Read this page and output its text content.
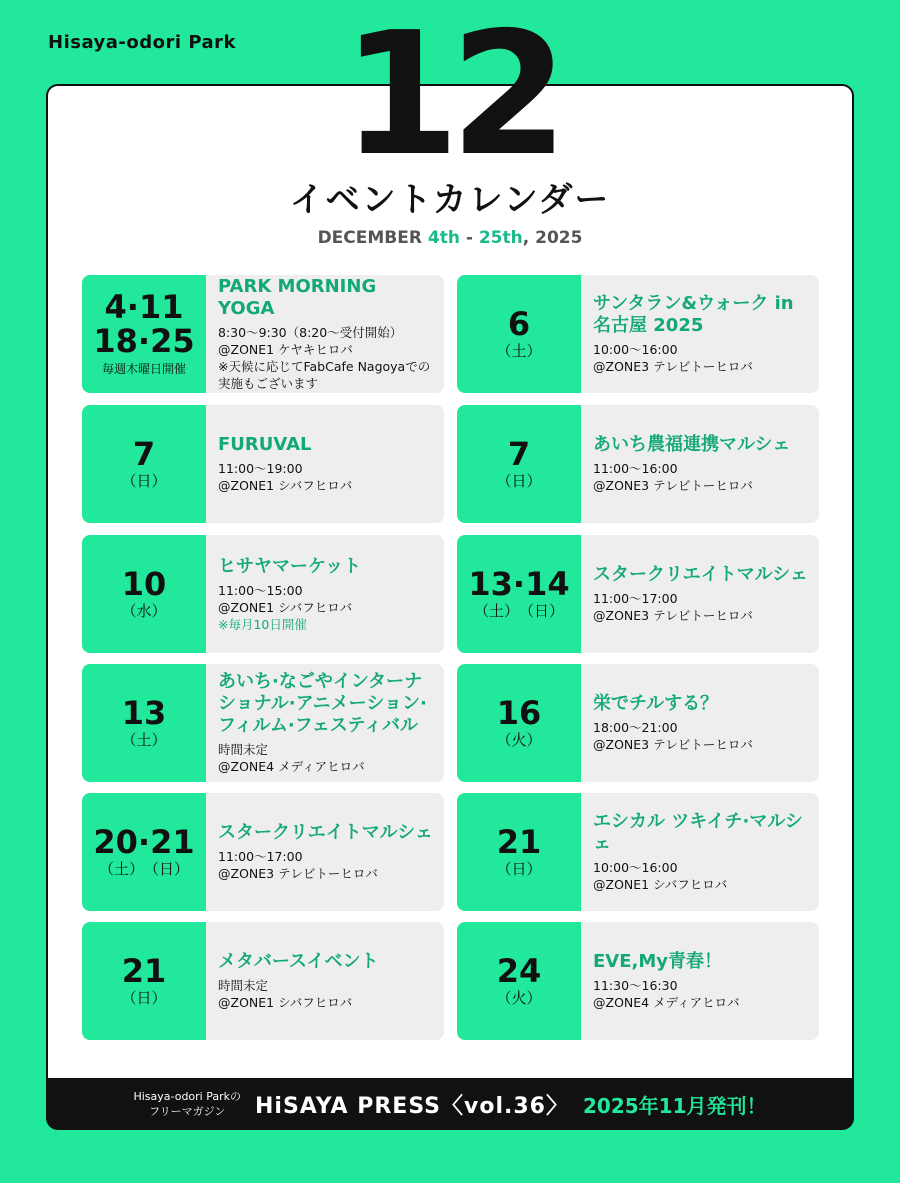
Hisaya-odori Park 12
イベントカレンダー
DECEMBER 4th - 25th, 2025
4·11
18·25
毎週木曜日開催
PARK MORNING YOGA
8:30〜9:30（8:20〜受付開始）
@ZONE1 ケヤキヒロバ
※天候に応じてFabCafe Nagoyaでの
実施もございます
6
（土）
サンタラン&ウォーク in 名古屋 2025
10:00〜16:00
@ZONE3 テレビトーヒロバ
7
（日）
FURUVAL
11:00〜19:00
@ZONE1 シバフヒロバ
7
（日）
あいち農福連携マルシェ
11:00〜16:00
@ZONE3 テレビトーヒロバ
10
（水）
ヒサヤマーケット
11:00〜15:00
@ZONE1 シバフヒロバ
※毎月10日開催
13·14
（土）　（日）
スタークリエイトマルシェ
11:00〜17:00
@ZONE3 テレビトーヒロバ
13
（土）
あいち·なごやインターナショナル·アニメーション·フィルム·フェスティバル
時間未定
@ZONE4 メディアヒロバ
16
（火）
栄でチルする？
18:00〜21:00
@ZONE3 テレビトーヒロバ
20·21
（土）　（日）
スタークリエイトマルシェ
11:00〜17:00
@ZONE3 テレビトーヒロバ
21
（日）
エシカル ツキイチ·マルシェ
10:00〜16:00
@ZONE1 シバフヒロバ
21
（日）
メタバースイベント
時間未定
@ZONE1 シバフヒロバ
24
（火）
EVE,My青春！
11:30〜16:30
@ZONE4 メディアヒロバ
Hisaya-odori Parkの
フリーマガジン	HiSAYA PRESS〈vol.36〉 2025年11月発刊！
